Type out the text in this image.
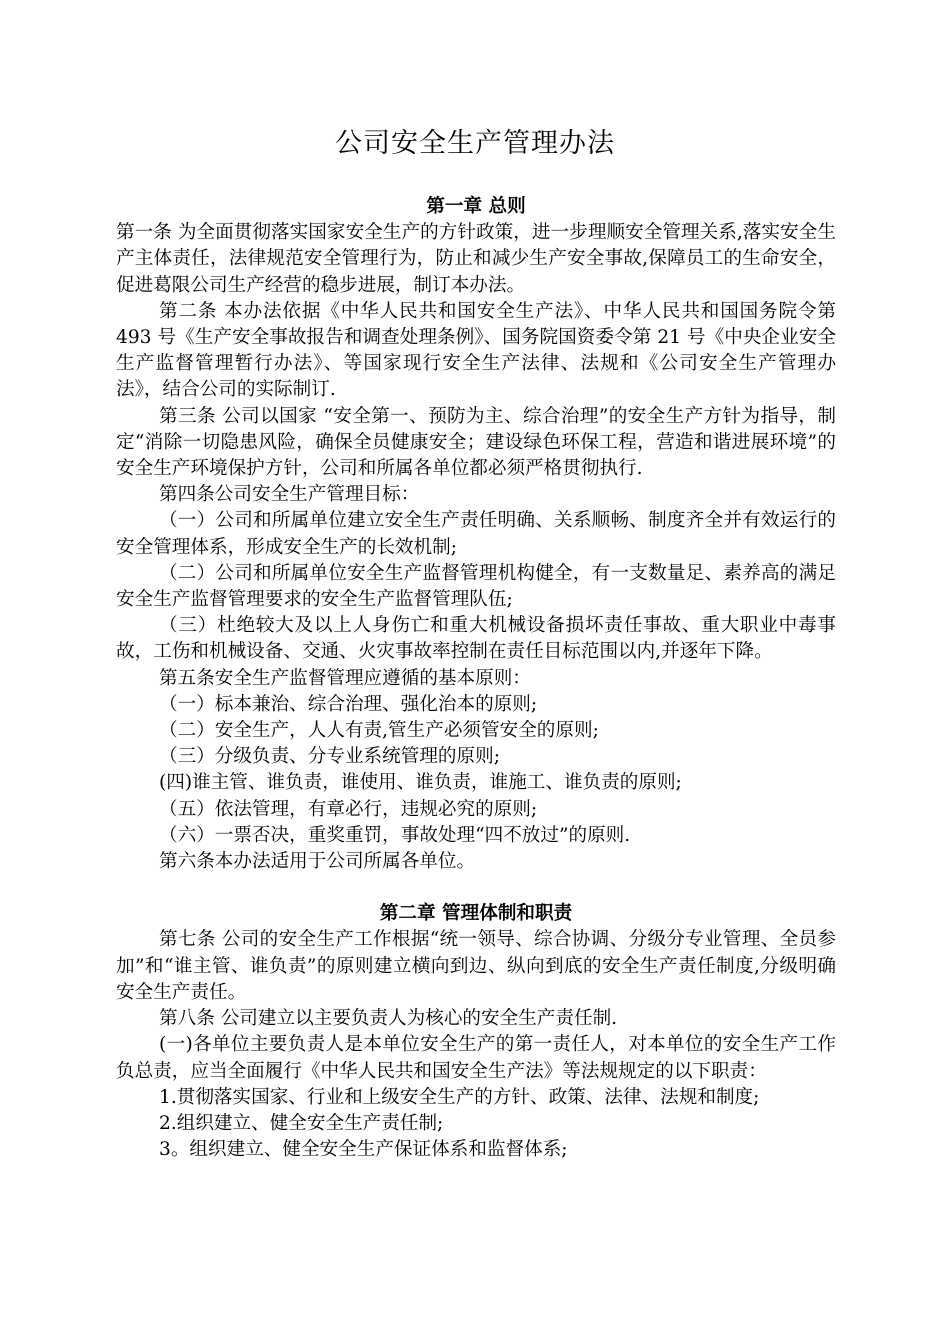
公司安全生产管理办法
第一章 总则

第一条 为全面贯彻落实国家安全生产的方针政策，进一步理顺安全管理关系,落实安全生产主体责任，法律规范安全管理行为，防止和减少生产安全事故,保障员工的生命安全，促进葛限公司生产经营的稳步进展，制订本办法。

第二条 本办法依据《中华人民共和国安全生产法》、中华人民共和国国务院令第 493 号《生产安全事故报告和调查处理条例》、国务院国资委令第 21 号《中央企业安全生产监督管理暂行办法》、等国家现行安全生产法律、法规和《公司安全生产管理办法》，结合公司的实际制订.

第三条 公司以国家 “安全第一、预防为主、综合治理”的安全生产方针为指导，制定“消除一切隐患风险，确保全员健康安全；建设绿色环保工程，营造和谐进展环境”的安全生产环境保护方针，公司和所属各单位都必须严格贯彻执行.

第四条公司安全生产管理目标：

（一）公司和所属单位建立安全生产责任明确、关系顺畅、制度齐全并有效运行的安全管理体系，形成安全生产的长效机制;

（二）公司和所属单位安全生产监督管理机构健全，有一支数量足、素养高的满足安全生产监督管理要求的安全生产监督管理队伍;

（三）杜绝较大及以上人身伤亡和重大机械设备损坏责任事故、重大职业中毒事故，工伤和机械设备、交通、火灾事故率控制在责任目标范围以内,并逐年下降。

第五条安全生产监督管理应遵循的基本原则：

（一）标本兼治、综合治理、强化治本的原则;

（二）安全生产，人人有责,管生产必须管安全的原则;

（三）分级负责、分专业系统管理的原则;

(四)谁主管、谁负责，谁使用、谁负责，谁施工、谁负责的原则;

（五）依法管理，有章必行，违规必究的原则;

（六）一票否决，重奖重罚，事故处理“四不放过”的原则.

第六条本办法适用于公司所属各单位。

第二章 管理体制和职责

第七条 公司的安全生产工作根据“统一领导、综合协调、分级分专业管理、全员参加”和“谁主管、谁负责”的原则建立横向到边、纵向到底的安全生产责任制度,分级明确安全生产责任。

第八条 公司建立以主要负责人为核心的安全生产责任制.

(一)各单位主要负责人是本单位安全生产的第一责任人，对本单位的安全生产工作负总责，应当全面履行《中华人民共和国安全生产法》等法规规定的以下职责：

1.贯彻落实国家、行业和上级安全生产的方针、政策、法律、法规和制度;

2.组织建立、健全安全生产责任制;

3。组织建立、健全安全生产保证体系和监督体系;
